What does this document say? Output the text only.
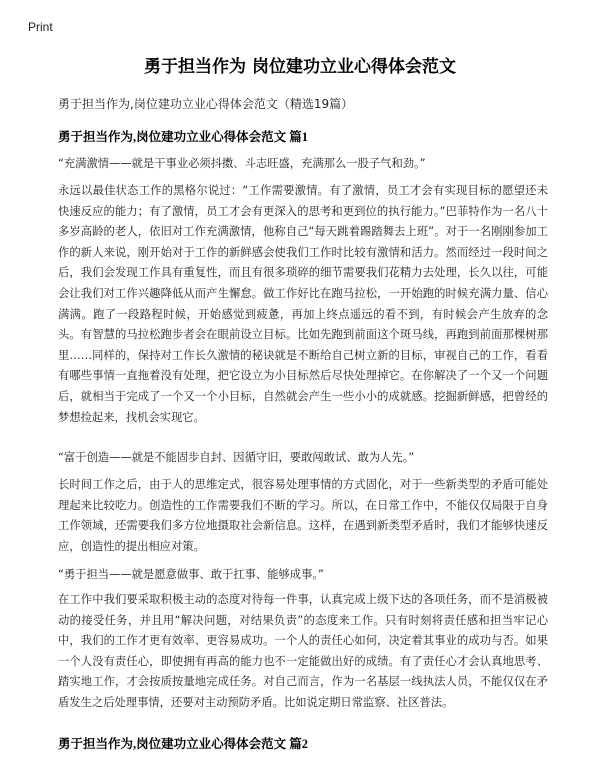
Print
勇于担当作为 岗位建功立业心得体会范文
勇于担当作为,岗位建功立业心得体会范文（精选19篇）
勇于担当作为,岗位建功立业心得体会范文 篇1

“充满激情——就是干事业必须抖擞、斗志旺盛，充满那么一股子气和劲。”

永远以最佳状态工作的黑格尔说过：“工作需要激情。有了激情，员工才会有实现目标的愿望还未快速反应的能力；有了激情，员工才会有更深入的思考和更到位的执行能力。”巴菲特作为一名八十多岁高龄的老人，依旧对工作充满激情，他称自己“每天跳着踢踏舞去上班”。对于一名刚刚参加工作的新人来说，刚开始对于工作的新鲜感会使我们工作时比较有激情和活力。然而经过一段时间之后，我们会发现工作具有重复性，而且有很多琐碎的细节需要我们花精力去处理，长久以往，可能会让我们对工作兴趣降低从而产生懈怠。做工作好比在跑马拉松，一开始跑的时候充满力量、信心满满。跑了一段路程时候，开始感觉到疲惫，再加上终点遥远的看不到，有时候会产生放弃的念头。有智慧的马拉松跑步者会在眼前设立目标。比如先跑到前面这个斑马线，再跑到前面那棵树那里……同样的，保持对工作长久激情的秘诀就是不断给自己树立新的目标，审视自己的工作，看看有哪些事情一直拖着没有处理，把它设立为小目标然后尽快处理掉它。在你解决了一个又一个问题后，就相当于完成了一个又一个小目标，自然就会产生一些小小的成就感。挖掘新鲜感，把曾经的梦想捡起来，找机会实现它。

“富于创造——就是不能固步自封、因循守旧，要敢闯敢试、敢为人先。”

长时间工作之后，由于人的思维定式，很容易处理事情的方式固化，对于一些新类型的矛盾可能处理起来比较吃力。创造性的工作需要我们不断的学习。所以，在日常工作中，不能仅仅局限于自身工作领域，还需要我们多方位地摄取社会新信息。这样，在遇到新类型矛盾时，我们才能够快速反应，创造性的提出相应对策。

“勇于担当——就是愿意做事、敢于扛事、能够成事。”

在工作中我们要采取积极主动的态度对待每一件事，认真完成上级下达的各项任务，而不是消极被动的接受任务，并且用“解决问题，对结果负责”的态度来工作。只有时刻将责任感和担当牢记心中，我们的工作才更有效率、更容易成功。一个人的责任心如何，决定着其事业的成功与否。如果一个人没有责任心，即使拥有再高的能力也不一定能做出好的成绩。有了责任心才会认真地思考、踏实地工作，才会按质按量地完成任务。对自己而言，作为一名基层一线执法人员，不能仅仅在矛盾发生之后处理事情，还要对主动预防矛盾。比如说定期日常监察、社区普法。

勇于担当作为,岗位建功立业心得体会范文 篇2
